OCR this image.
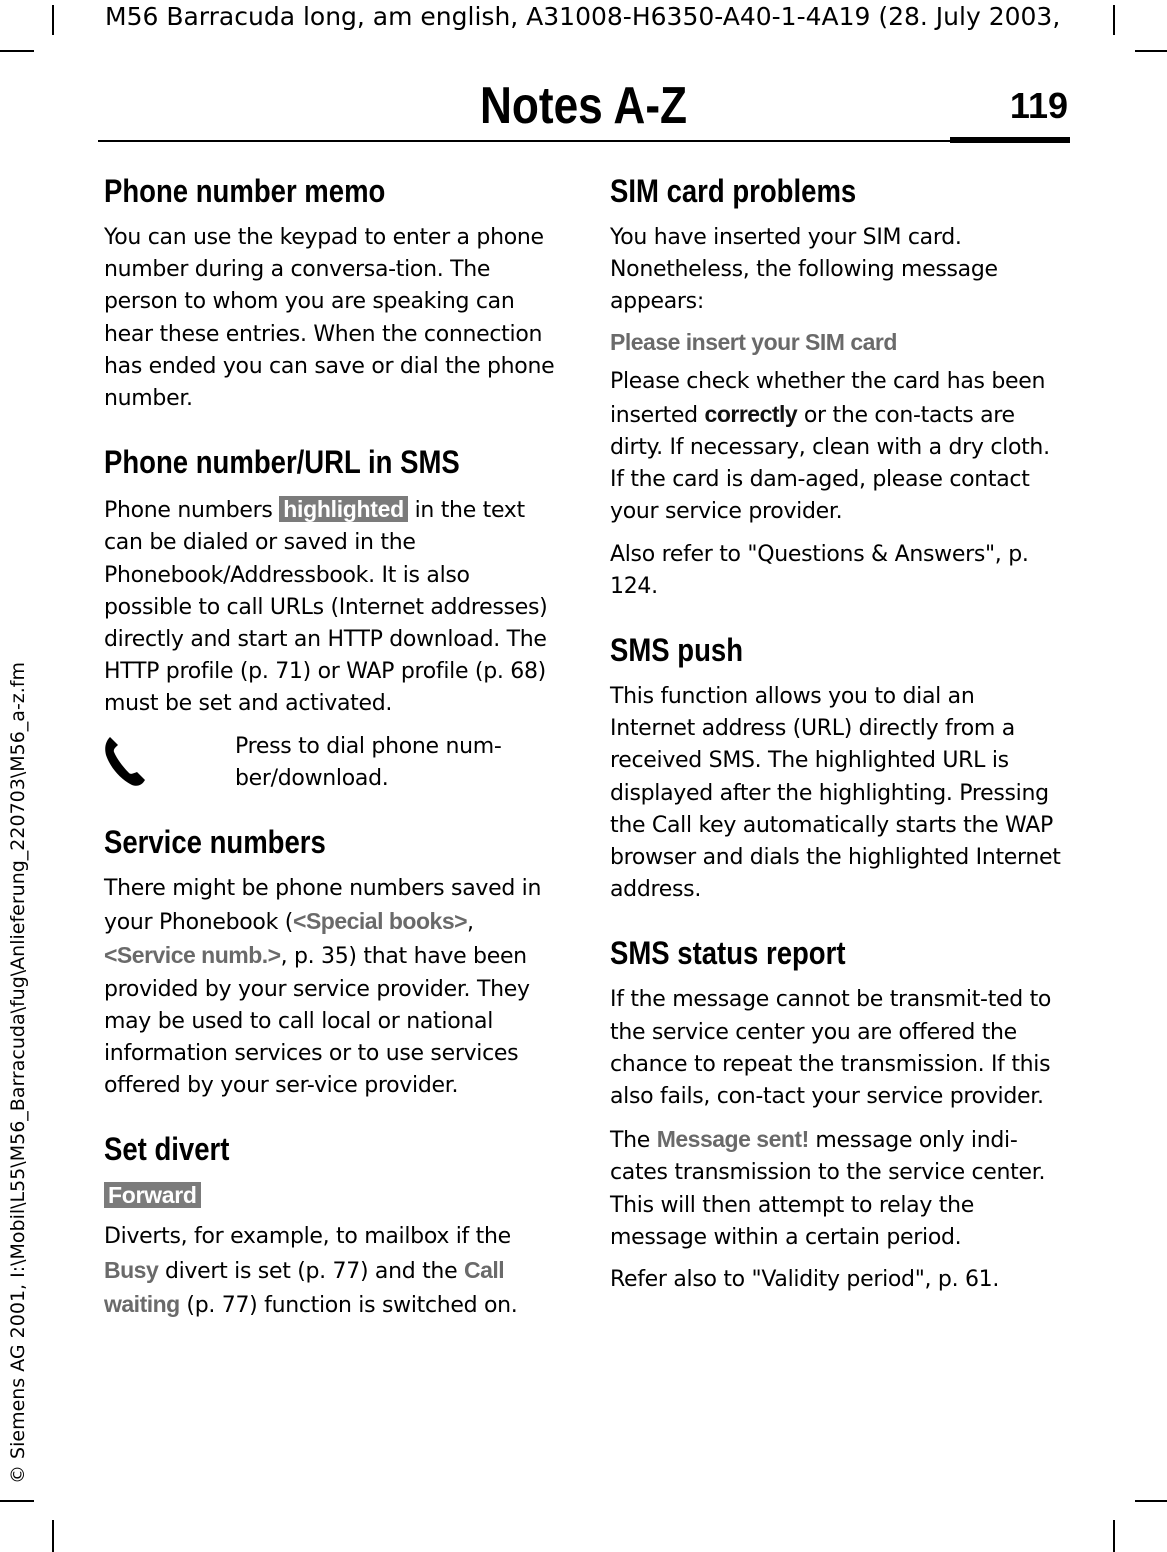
M56 Barracuda long, am english, A31008-H6350-A40-1-4A19 (28. July 2003,
Notes A-Z	119
© Siemens AG 2001, I:\Mobil\L55\M56_Barracuda\fug\Anlieferung_220703\M56_a-z.fm
Phone number memo

You can use the keypad to enter a phone number during a conversa-tion. The person to whom you are speaking can hear these entries. When the connection has ended you can save or dial the phone number.

Phone number/URL in SMS

Phone numbers highlighted in the text can be dialed or saved in the Phonebook/Addressbook. It is also possible to call URLs (Internet addresses) directly and start an HTTP download. The HTTP profile (p. 71) or WAP profile (p. 68) must be set and activated.

Press to dial phone num-ber/download.

Service numbers

There might be phone numbers saved in your Phonebook (<Special books>, <Service numb.>, p. 35) that have been provided by your service provider. They may be used to call local or national information services or to use services offered by your ser-vice provider.

Set divert
Forward

Diverts, for example, to mailbox if the Busy divert is set (p. 77) and the Call waiting (p. 77) function is switched on.

SIM card problems

You have inserted your SIM card. Nonetheless, the following message appears:

Please insert your SIM card

Please check whether the card has been inserted correctly or the con-tacts are dirty. If necessary, clean with a dry cloth. If the card is dam-aged, please contact your service provider.

Also refer to "Questions & Answers", p. 124.

SMS push

This function allows you to dial an Internet address (URL) directly from a received SMS. The highlighted URL is displayed after the highlighting. Pressing the Call key automatically starts the WAP browser and dials the highlighted Internet address.

SMS status report

If the message cannot be transmit-ted to the service center you are offered the chance to repeat the transmission. If this also fails, con-tact your service provider.

The Message sent! message only indi-cates transmission to the service center. This will then attempt to relay the message within a certain period.

Refer also to "Validity period", p. 61.
